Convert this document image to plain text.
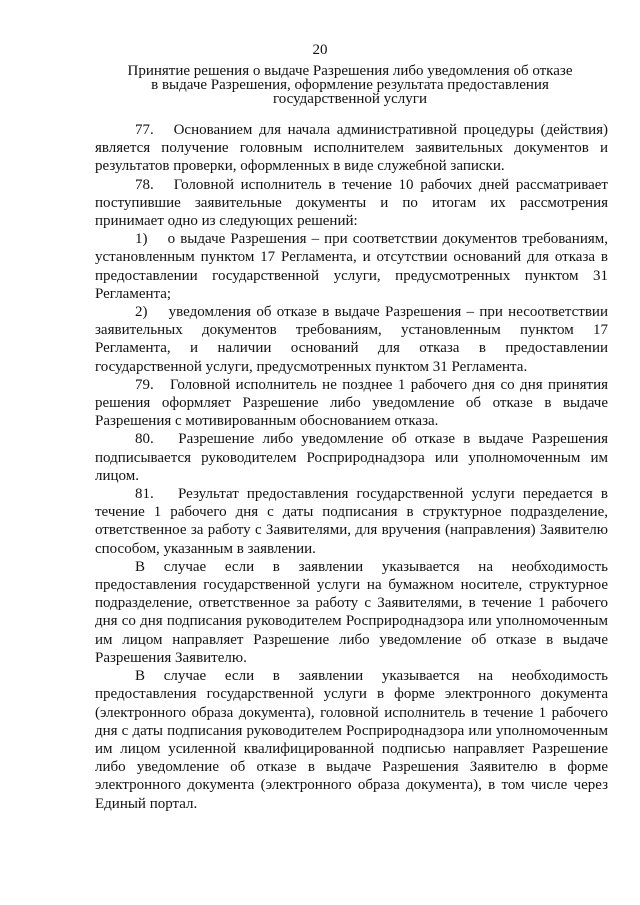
20
Принятие решения о выдаче Разрешения либо уведомления об отказе
в выдаче Разрешения, оформление результата предоставления
государственной услуги

77.   Основанием для начала административной процедуры (действия) является получение головным исполнителем заявительных документов и результатов проверки, оформленных в виде служебной записки.

78.   Головной исполнитель в течение 10 рабочих дней рассматривает поступившие заявительные документы и по итогам их рассмотрения принимает одно из следующих решений:

1)    о выдаче Разрешения – при соответствии документов требованиям, установленным пунктом 17 Регламента, и отсутствии оснований для отказа в предоставлении государственной услуги, предусмотренных пунктом 31 Регламента;

2)    уведомления об отказе в выдаче Разрешения – при несоответствии заявительных документов требованиям, установленным пунктом 17 Регламента, и наличии оснований для отказа в предоставлении государственной услуги, предусмотренных пунктом 31 Регламента.

79.   Головной исполнитель не позднее 1 рабочего дня со дня принятия решения оформляет Разрешение либо уведомление об отказе в выдаче Разрешения с мотивированным обоснованием отказа.

80.   Разрешение либо уведомление об отказе в выдаче Разрешения подписывается руководителем Росприроднадзора или уполномоченным им лицом.

81.   Результат предоставления государственной услуги передается в течение 1 рабочего дня с даты подписания в структурное подразделение, ответственное за работу с Заявителями, для вручения (направления) Заявителю способом, указанным в заявлении.

В случае если в заявлении указывается на необходимость предоставления государственной услуги на бумажном носителе, структурное подразделение, ответственное за работу с Заявителями, в течение 1 рабочего дня со дня подписания руководителем Росприроднадзора или уполномоченным им лицом направляет Разрешение либо уведомление об отказе в выдаче Разрешения Заявителю.

В случае если в заявлении указывается на необходимость предоставления государственной услуги в форме электронного документа (электронного образа документа), головной исполнитель в течение 1 рабочего дня с даты подписания руководителем Росприроднадзора или уполномоченным им лицом усиленной квалифицированной подписью направляет Разрешение либо уведомление об отказе в выдаче Разрешения Заявителю в форме электронного документа (электронного образа документа), в том числе через Единый портал.
